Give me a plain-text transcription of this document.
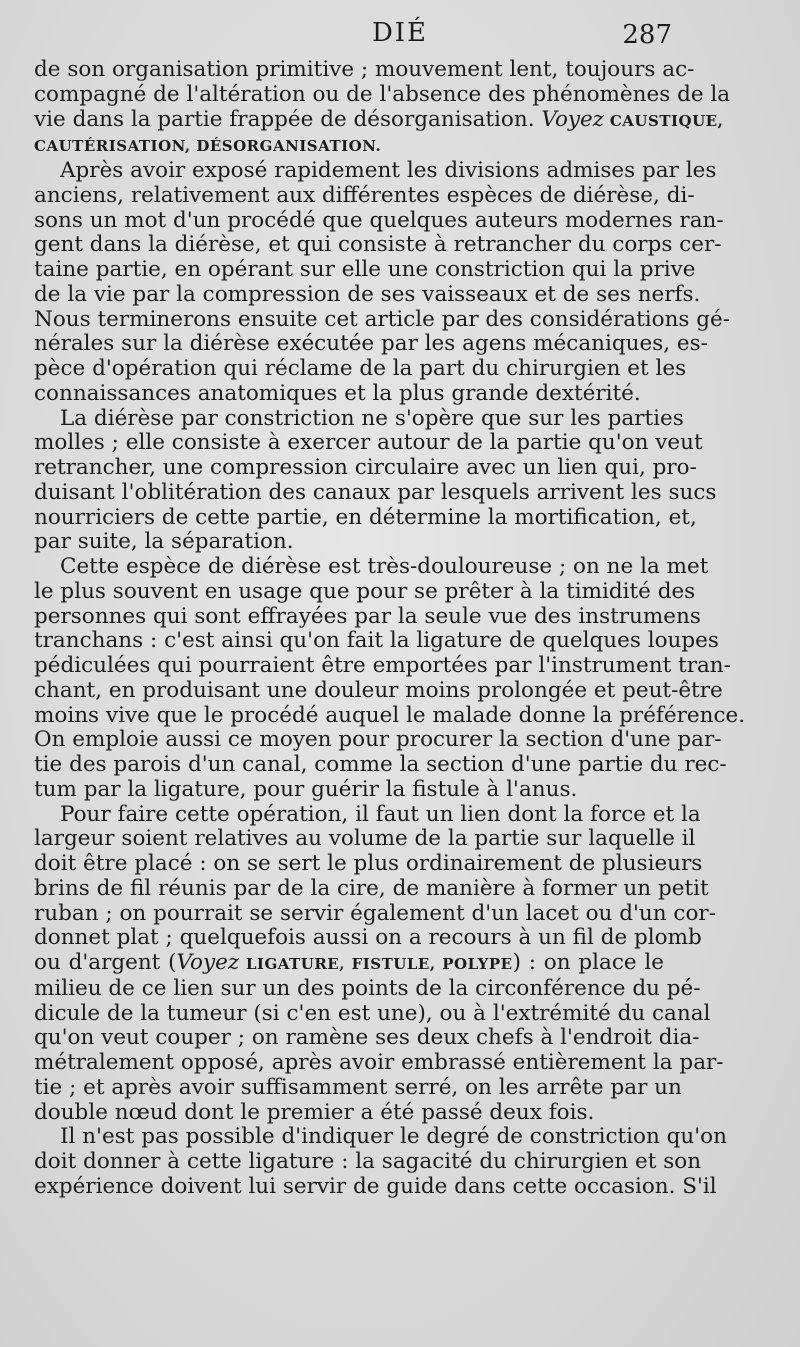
DIÉ	287
de son organisation primitive ; mouvement lent, toujours ac-
compagné de l'altération ou de l'absence des phénomènes de la
vie dans la partie frappée de désorganisation. Voyez CAUSTIQUE,
CAUTÉRISATION, DÉSORGANISATION.
Après avoir exposé rapidement les divisions admises par les
anciens, relativement aux différentes espèces de diérèse, di-
sons un mot d'un procédé que quelques auteurs modernes ran-
gent dans la diérèse, et qui consiste à retrancher du corps cer-
taine partie, en opérant sur elle une constriction qui la prive
de la vie par la compression de ses vaisseaux et de ses nerfs.
Nous terminerons ensuite cet article par des considérations gé-
nérales sur la diérèse exécutée par les agens mécaniques, es-
pèce d'opération qui réclame de la part du chirurgien et les
connaissances anatomiques et la plus grande dextérité.
La diérèse par constriction ne s'opère que sur les parties
molles ; elle consiste à exercer autour de la partie qu'on veut
retrancher, une compression circulaire avec un lien qui, pro-
duisant l'oblitération des canaux par lesquels arrivent les sucs
nourriciers de cette partie, en détermine la mortification, et,
par suite, la séparation.
Cette espèce de diérèse est très-douloureuse ; on ne la met
le plus souvent en usage que pour se prêter à la timidité des
personnes qui sont effrayées par la seule vue des instrumens
tranchans : c'est ainsi qu'on fait la ligature de quelques loupes
pédiculées qui pourraient être emportées par l'instrument tran-
chant, en produisant une douleur moins prolongée et peut-être
moins vive que le procédé auquel le malade donne la préférence.
On emploie aussi ce moyen pour procurer la section d'une par-
tie des parois d'un canal, comme la section d'une partie du rec-
tum par la ligature, pour guérir la fistule à l'anus.
Pour faire cette opération, il faut un lien dont la force et la
largeur soient relatives au volume de la partie sur laquelle il
doit être placé : on se sert le plus ordinairement de plusieurs
brins de fil réunis par de la cire, de manière à former un petit
ruban ; on pourrait se servir également d'un lacet ou d'un cor-
donnet plat ; quelquefois aussi on a recours à un fil de plomb
ou d'argent (Voyez LIGATURE, FISTULE, POLYPE) : on place le
milieu de ce lien sur un des points de la circonférence du pé-
dicule de la tumeur (si c'en est une), ou à l'extrémité du canal
qu'on veut couper ; on ramène ses deux chefs à l'endroit dia-
métralement opposé, après avoir embrassé entièrement la par-
tie ; et après avoir suffisamment serré, on les arrête par un
double nœud dont le premier a été passé deux fois.
Il n'est pas possible d'indiquer le degré de constriction qu'on
doit donner à cette ligature : la sagacité du chirurgien et son
expérience doivent lui servir de guide dans cette occasion. S'il
